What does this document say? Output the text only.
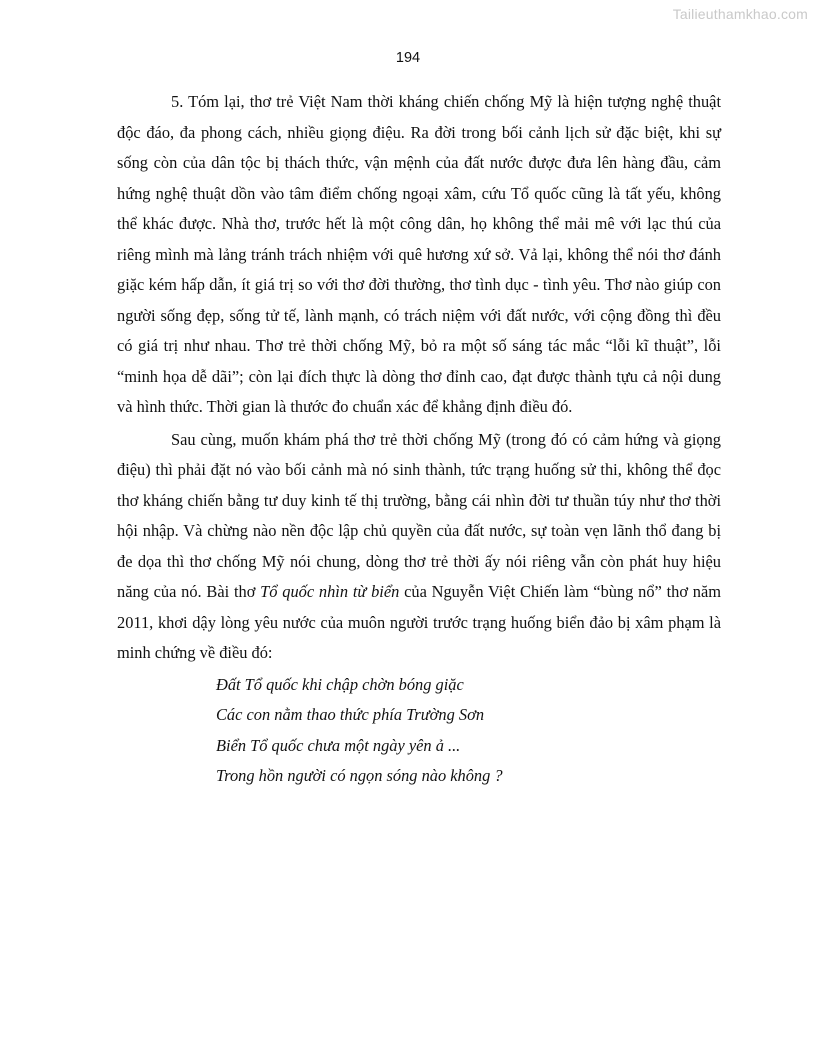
Tailieuthamkhao.com
194

5. Tóm lại, thơ trẻ Việt Nam thời kháng chiến chống Mỹ là hiện tượng nghệ thuật độc đáo, đa phong cách, nhiều giọng điệu. Ra đời trong bối cảnh lịch sử đặc biệt, khi sự sống còn của dân tộc bị thách thức, vận mệnh của đất nước được đưa lên hàng đầu, cảm hứng nghệ thuật dồn vào tâm điểm chống ngoại xâm, cứu Tổ quốc cũng là tất yếu, không thể khác được. Nhà thơ, trước hết là một công dân, họ không thể mải mê với lạc thú của riêng mình mà lảng tránh trách nhiệm với quê hương xứ sở. Vả lại, không thể nói thơ đánh giặc kém hấp dẫn, ít giá trị so với thơ đời thường, thơ tình dục - tình yêu. Thơ nào giúp con người sống đẹp, sống tử tế, lành mạnh, có trách niệm với đất nước, với cộng đồng thì đều có giá trị như nhau. Thơ trẻ thời chống Mỹ, bỏ ra một số sáng tác mắc “lỗi kĩ thuật”, lỗi “minh họa dễ dãi”; còn lại đích thực là dòng thơ đỉnh cao, đạt được thành tựu cả nội dung và hình thức. Thời gian là thước đo chuẩn xác để khẳng định điều đó.

Sau cùng, muốn khám phá thơ trẻ thời chống Mỹ (trong đó có cảm hứng và giọng điệu) thì phải đặt nó vào bối cảnh mà nó sinh thành, tức trạng huống sử thi, không thể đọc thơ kháng chiến bằng tư duy kinh tế thị trường, bằng cái nhìn đời tư thuần túy như thơ thời hội nhập. Và chừng nào nền độc lập chủ quyền của đất nước, sự toàn vẹn lãnh thổ đang bị đe dọa thì thơ chống Mỹ nói chung, dòng thơ trẻ thời ấy nói riêng vẫn còn phát huy hiệu năng của nó. Bài thơ Tổ quốc nhìn từ biển của Nguyễn Việt Chiến làm “bùng nổ” thơ năm 2011, khơi dậy lòng yêu nước của muôn người trước trạng huống biển đảo bị xâm phạm là minh chứng về điều đó:

Đất Tổ quốc khi chập chờn bóng giặc
Các con nằm thao thức phía Trường Sơn
Biển Tổ quốc chưa một ngày yên ả ...
Trong hồn người có ngọn sóng nào không ?
